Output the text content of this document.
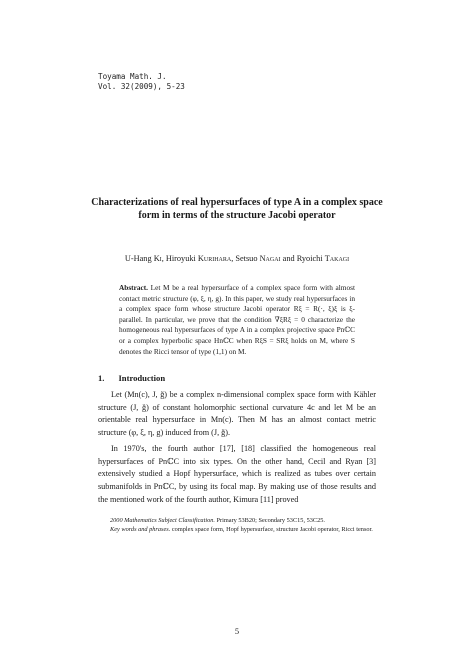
Toyama Math. J.
Vol. 32(2009), 5-23
Characterizations of real hypersurfaces of type A in a complex space form in terms of the structure Jacobi operator
U-Hang Ki, Hiroyuki Kurihara, Setsuo Nagai and Ryoichi Takagi
Abstract. Let M be a real hypersurface of a complex space form with almost contact metric structure (φ, ξ, η, g). In this paper, we study real hypersurfaces in a complex space form whose structure Jacobi operator Rξ = R(·, ξ)ξ is ξ-parallel. In particular, we prove that the condition ∇̄ξRξ = 0 characterize the homogeneous real hypersurfaces of type A in a complex projective space PnℂC or a complex hyperbolic space HnℂC when RξS = SRξ holds on M, where S denotes the Ricci tensor of type (1,1) on M.
1. Introduction

Let (Mn(c), J, ğ) be a complex n-dimensional complex space form with Kähler structure (J, ğ) of constant holomorphic sectional curvature 4c and let M be an orientable real hypersurface in Mn(c). Then M has an almost contact metric structure (φ, ξ, η, g) induced from (J, ğ).

In 1970's, the fourth author [17], [18] classified the homogeneous real hypersurfaces of PnℂC into six types. On the other hand, Cecil and Ryan [3] extensively studied a Hopf hypersurface, which is realized as tubes over certain submanifolds in PnℂC, by using its focal map. By making use of those results and the mentioned work of the fourth author, Kimura [11] proved

2000 Mathematics Subject Classification. Primary 53B20; Secondary 53C15, 53C25.

Key words and phrases. complex space form, Hopf hypersurface, structure Jacobi operator, Ricci tensor.

5
